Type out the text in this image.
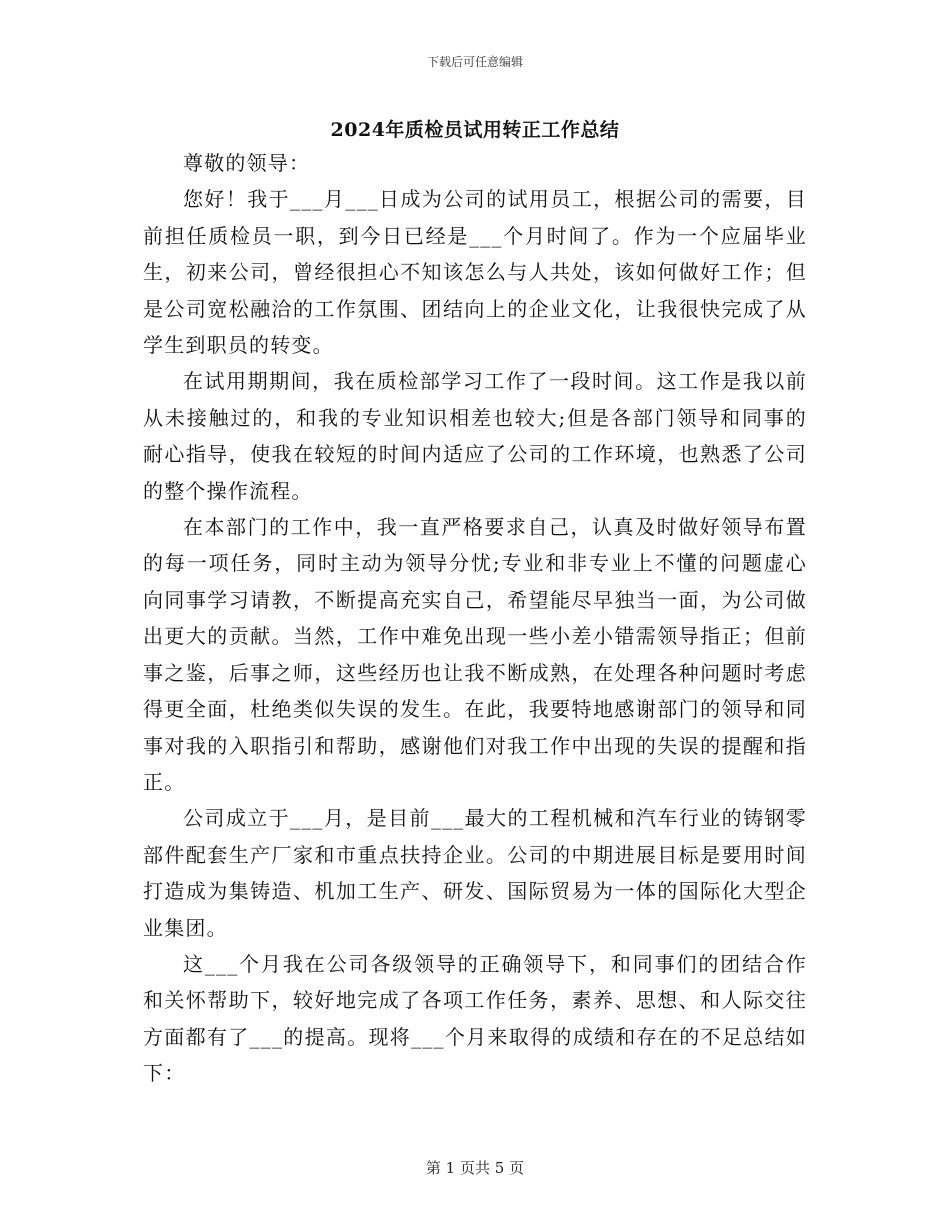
下载后可任意编辑
2024年质检员试用转正工作总结

尊敬的领导：

您好！我于___月___日成为公司的试用员工，根据公司的需要，目前担任质检员一职，到今日已经是___个月时间了。作为一个应届毕业生，初来公司，曾经很担心不知该怎么与人共处，该如何做好工作；但是公司宽松融洽的工作氛围、团结向上的企业文化，让我很快完成了从学生到职员的转变。

在试用期期间，我在质检部学习工作了一段时间。这工作是我以前从未接触过的，和我的专业知识相差也较大;但是各部门领导和同事的耐心指导，使我在较短的时间内适应了公司的工作环境，也熟悉了公司的整个操作流程。

在本部门的工作中，我一直严格要求自己，认真及时做好领导布置的每一项任务，同时主动为领导分忧;专业和非专业上不懂的问题虚心向同事学习请教，不断提高充实自己，希望能尽早独当一面，为公司做出更大的贡献。当然，工作中难免出现一些小差小错需领导指正；但前事之鉴，后事之师，这些经历也让我不断成熟，在处理各种问题时考虑得更全面，杜绝类似失误的发生。在此，我要特地感谢部门的领导和同事对我的入职指引和帮助，感谢他们对我工作中出现的失误的提醒和指正。

公司成立于___月，是目前___最大的工程机械和汽车行业的铸钢零部件配套生产厂家和市重点扶持企业。公司的中期进展目标是要用时间打造成为集铸造、机加工生产、研发、国际贸易为一体的国际化大型企业集团。

这___个月我在公司各级领导的正确领导下，和同事们的团结合作和关怀帮助下，较好地完成了各项工作任务，素养、思想、和人际交往方面都有了___的提高。现将___个月来取得的成绩和存在的不足总结如下：

第 1 页共 5 页
